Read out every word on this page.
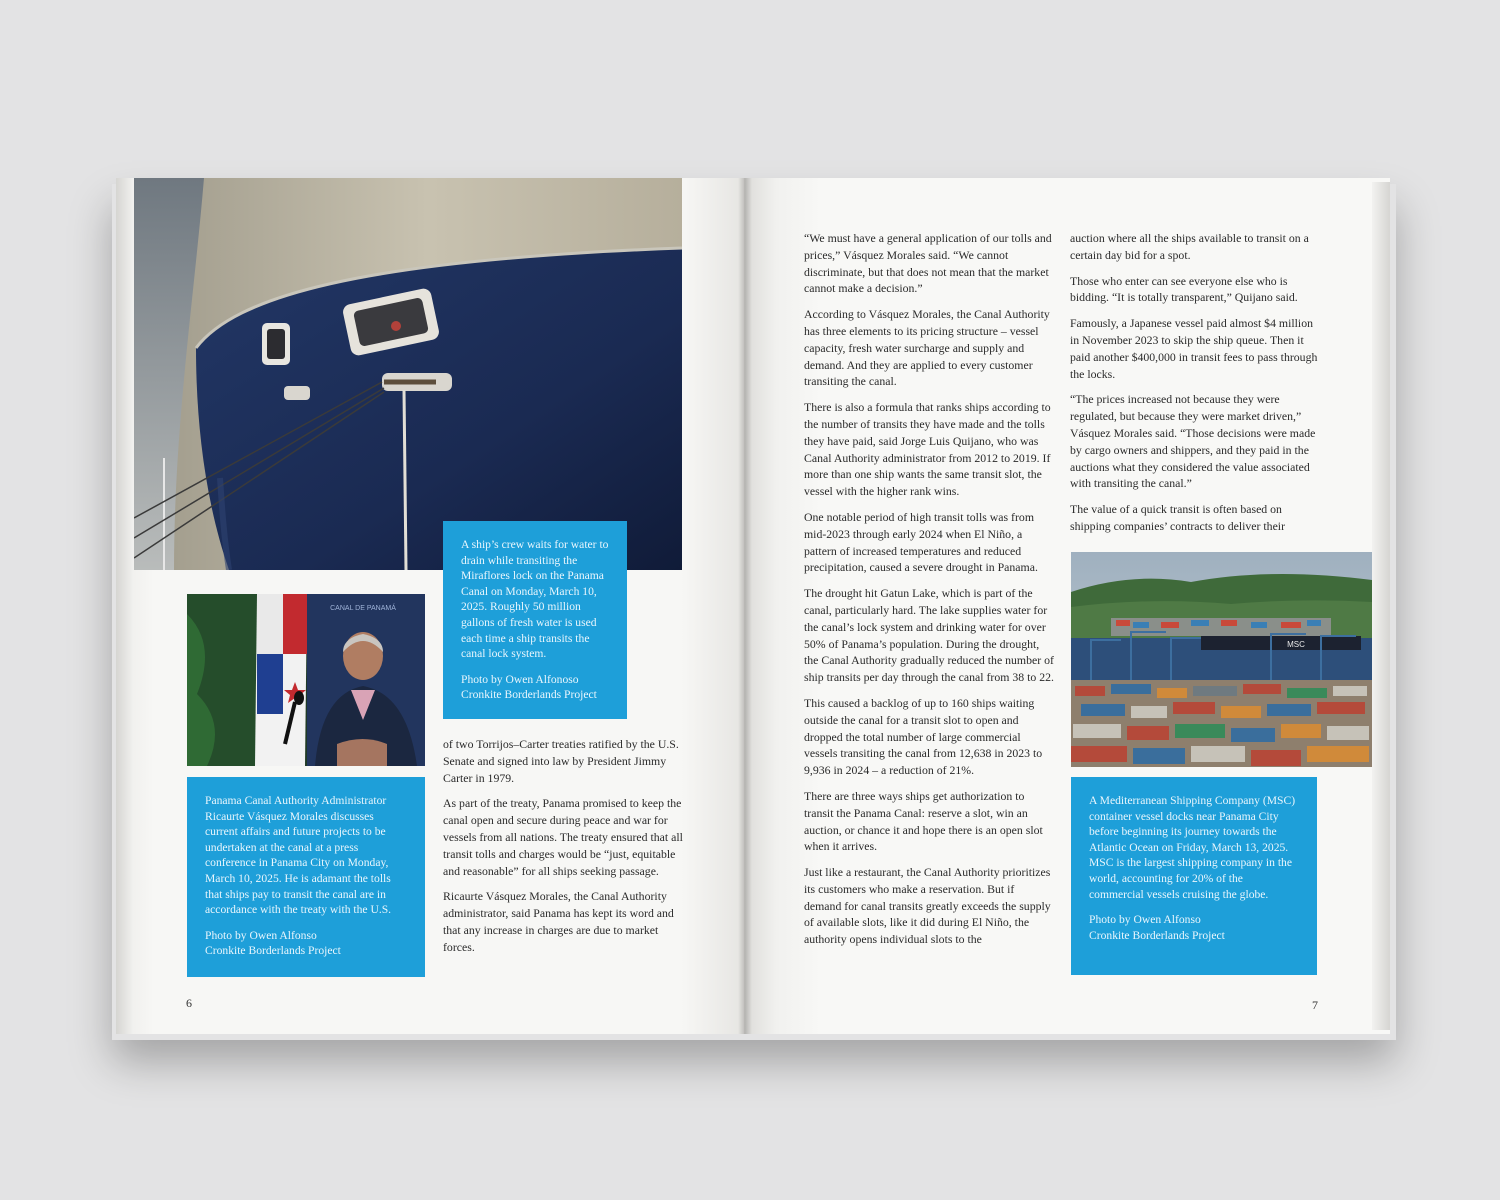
A ship’s crew waits for water to drain while transiting the Miraflores lock on the Panama Canal on Monday, March 10, 2025. Roughly 50 million gallons of fresh water is used each time a ship transits the canal lock system.

Photo by Owen Alfonoso

Cronkite Borderlands Project

CANAL DE PANAMÁ

Panama Canal Authority Administrator Ricaurte Vásquez Morales discusses current affairs and future projects to be undertaken at the canal at a press conference in Panama City on Monday, March 10, 2025. He is adamant the tolls that ships pay to transit the canal are in accordance with the treaty with the U.S.

Photo by Owen Alfonso

Cronkite Borderlands Project

of two Torrijos–Carter treaties ratified by the U.S. Senate and signed into law by President Jimmy Carter in 1979.

As part of the treaty, Panama promised to keep the canal open and secure during peace and war for vessels from all nations. The treaty ensured that all transit tolls and charges would be “just, equitable and reasonable” for all ships seeking passage.

Ricaurte Vásquez Morales, the Canal Authority administrator, said Panama has kept its word and that any increase in charges are due to market forces.

6

“We must have a general application of our tolls and prices,” Vásquez Morales said. “We cannot discriminate, but that does not mean that the market cannot make a decision.”

According to Vásquez Morales, the Canal Authority has three elements to its pricing structure – vessel capacity, fresh water surcharge and supply and demand. And they are applied to every customer transiting the canal.

There is also a formula that ranks ships according to the number of transits they have made and the tolls they have paid, said Jorge Luis Quijano, who was Canal Authority administrator from 2012 to 2019. If more than one ship wants the same transit slot, the vessel with the higher rank wins.

One notable period of high transit tolls was from mid-2023 through early 2024 when El Niño, a pattern of increased temperatures and reduced precipitation, caused a severe drought in Panama.

The drought hit Gatun Lake, which is part of the canal, particularly hard. The lake supplies water for the canal’s lock system and drinking water for over 50% of Panama’s population. During the drought, the Canal Authority gradually reduced the number of ship transits per day through the canal from 38 to 22.

This caused a backlog of up to 160 ships waiting outside the canal for a transit slot to open and dropped the total number of large commercial vessels transiting the canal from 12,638 in 2023 to 9,936 in 2024 – a reduction of 21%.

There are three ways ships get authorization to transit the Panama Canal: reserve a slot, win an auction, or chance it and hope there is an open slot when it arrives.

Just like a restaurant, the Canal Authority prioritizes its customers who make a reservation. But if demand for canal transits greatly exceeds the supply of available slots, like it did during El Niño, the authority opens individual slots to the

auction where all the ships available to transit on a certain day bid for a spot.

Those who enter can see everyone else who is bidding. “It is totally transparent,” Quijano said.

Famously, a Japanese vessel paid almost $4 million in November 2023 to skip the ship queue. Then it paid another $400,000 in transit fees to pass through the locks.

“The prices increased not because they were regulated, but because they were market driven,” Vásquez Morales said. “Those decisions were made by cargo owners and shippers, and they paid in the auctions what they considered the value associated with transiting the canal.”

The value of a quick transit is often based on shipping companies’ contracts to deliver their

MSC

A Mediterranean Shipping Company (MSC) container vessel docks near Panama City before beginning its journey towards the Atlantic Ocean on Friday, March 13, 2025. MSC is the largest shipping company in the world, accounting for 20% of the commercial vessels cruising the globe.

Photo by Owen Alfonso

Cronkite Borderlands Project

7
